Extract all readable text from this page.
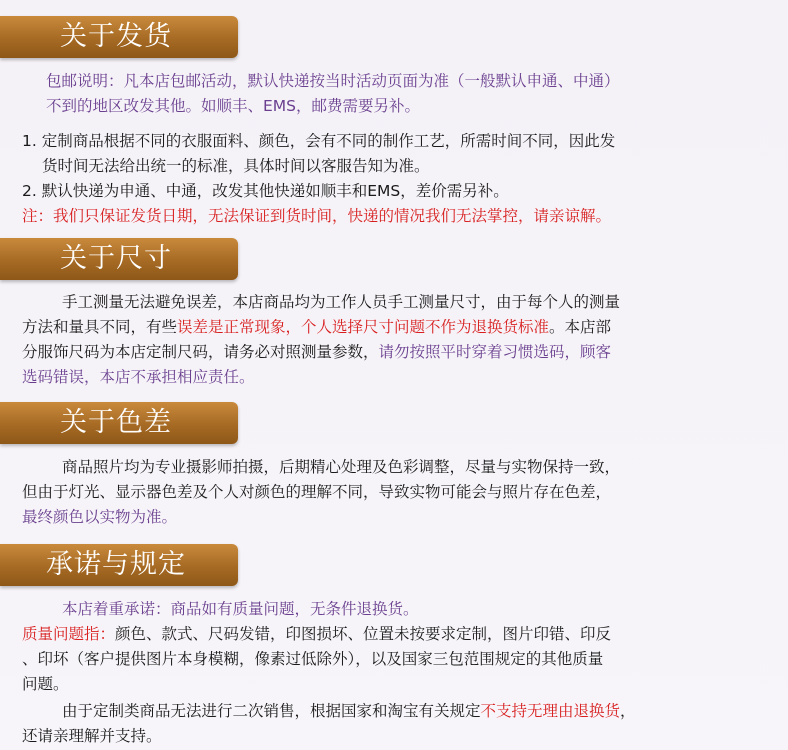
关于发货
包邮说明：凡本店包邮活动，默认快递按当时活动页面为准（一般默认申通、中通）
不到的地区改发其他。如顺丰、EMS，邮费需要另补。
1. 定制商品根据不同的衣服面料、颜色，会有不同的制作工艺，所需时间不同，因此发
货时间无法给出统一的标准，具体时间以客服告知为准。
2. 默认快递为申通、中通，改发其他快递如顺丰和EMS，差价需另补。
注：我们只保证发货日期，无法保证到货时间，快递的情况我们无法掌控，请亲谅解。
关于尺寸
手工测量无法避免误差，本店商品均为工作人员手工测量尺寸，由于每个人的测量
方法和量具不同，有些误差是正常现象，个人选择尺寸问题不作为退换货标准。本店部
分服饰尺码为本店定制尺码，请务必对照测量参数，请勿按照平时穿着习惯选码，顾客
选码错误，本店不承担相应责任。
关于色差
商品照片均为专业摄影师拍摄，后期精心处理及色彩调整，尽量与实物保持一致，
但由于灯光、显示器色差及个人对颜色的理解不同，导致实物可能会与照片存在色差，
最终颜色以实物为准。
承诺与规定
本店着重承诺：商品如有质量问题，无条件退换货。
质量问题指：颜色、款式、尺码发错，印图损坏、位置未按要求定制，图片印错、印反
、印坏（客户提供图片本身模糊，像素过低除外），以及国家三包范围规定的其他质量
问题。
由于定制类商品无法进行二次销售，根据国家和淘宝有关规定不支持无理由退换货，
还请亲理解并支持。
